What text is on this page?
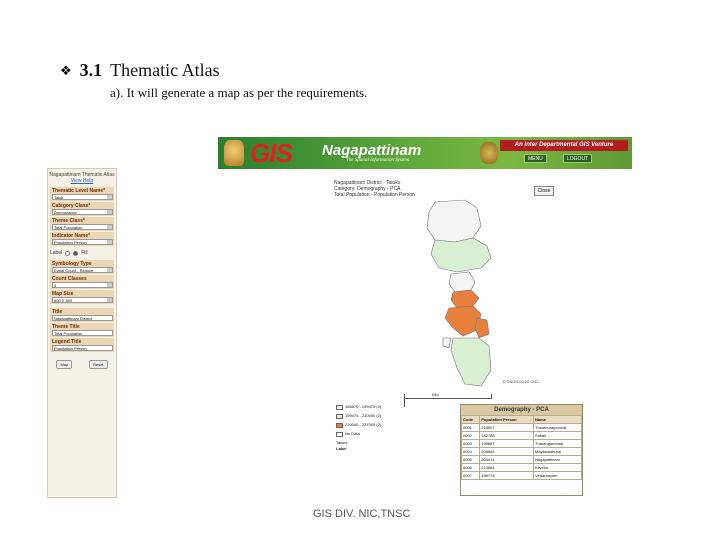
❖ 3.1 Thematic Atlas
a). It will generate a map as per the requirements.
Nagapattinam Thematic Atlas
View Help
Thematic Level Name*
Taluk
Category Class*
Demography
Theme Class*
Total Population
Indicator Name*
Population Person
Label	Fill
Symbology Type
Equal Count - Reduce
Count Classes
4
Map Size
600 X 500
Title
Nagapattinam District
Theme Title
Total Population
Legend Title
Population Person
Map	Reset
GIS Nagapattinam
The Spatial Information System
An Inter Departmental GIS Venture
MENU	LOGOUT
Nagapattinam District - Taluks
Category: Demography - PCA
Total Population - Population Person
Close
DTINGS:00:00 CNC
Kilo
186870 - 199470 (2)
199470 - 210000 (2)
210000 - 227000 (2)
No Data
Taluks
Label
Demography - PCA
Code	Population Person	Name
0001	218507	Thiruthuraipoondi
0002	182788	Sirkali
0003	195887	Tharangambadi
0004	208584	Mayiladuthurai
0005	204414	Nagapattinam
0006	213864	Kilvelur
0007	198774	Vedaranyam
GIS DIV. NIC,TNSC
